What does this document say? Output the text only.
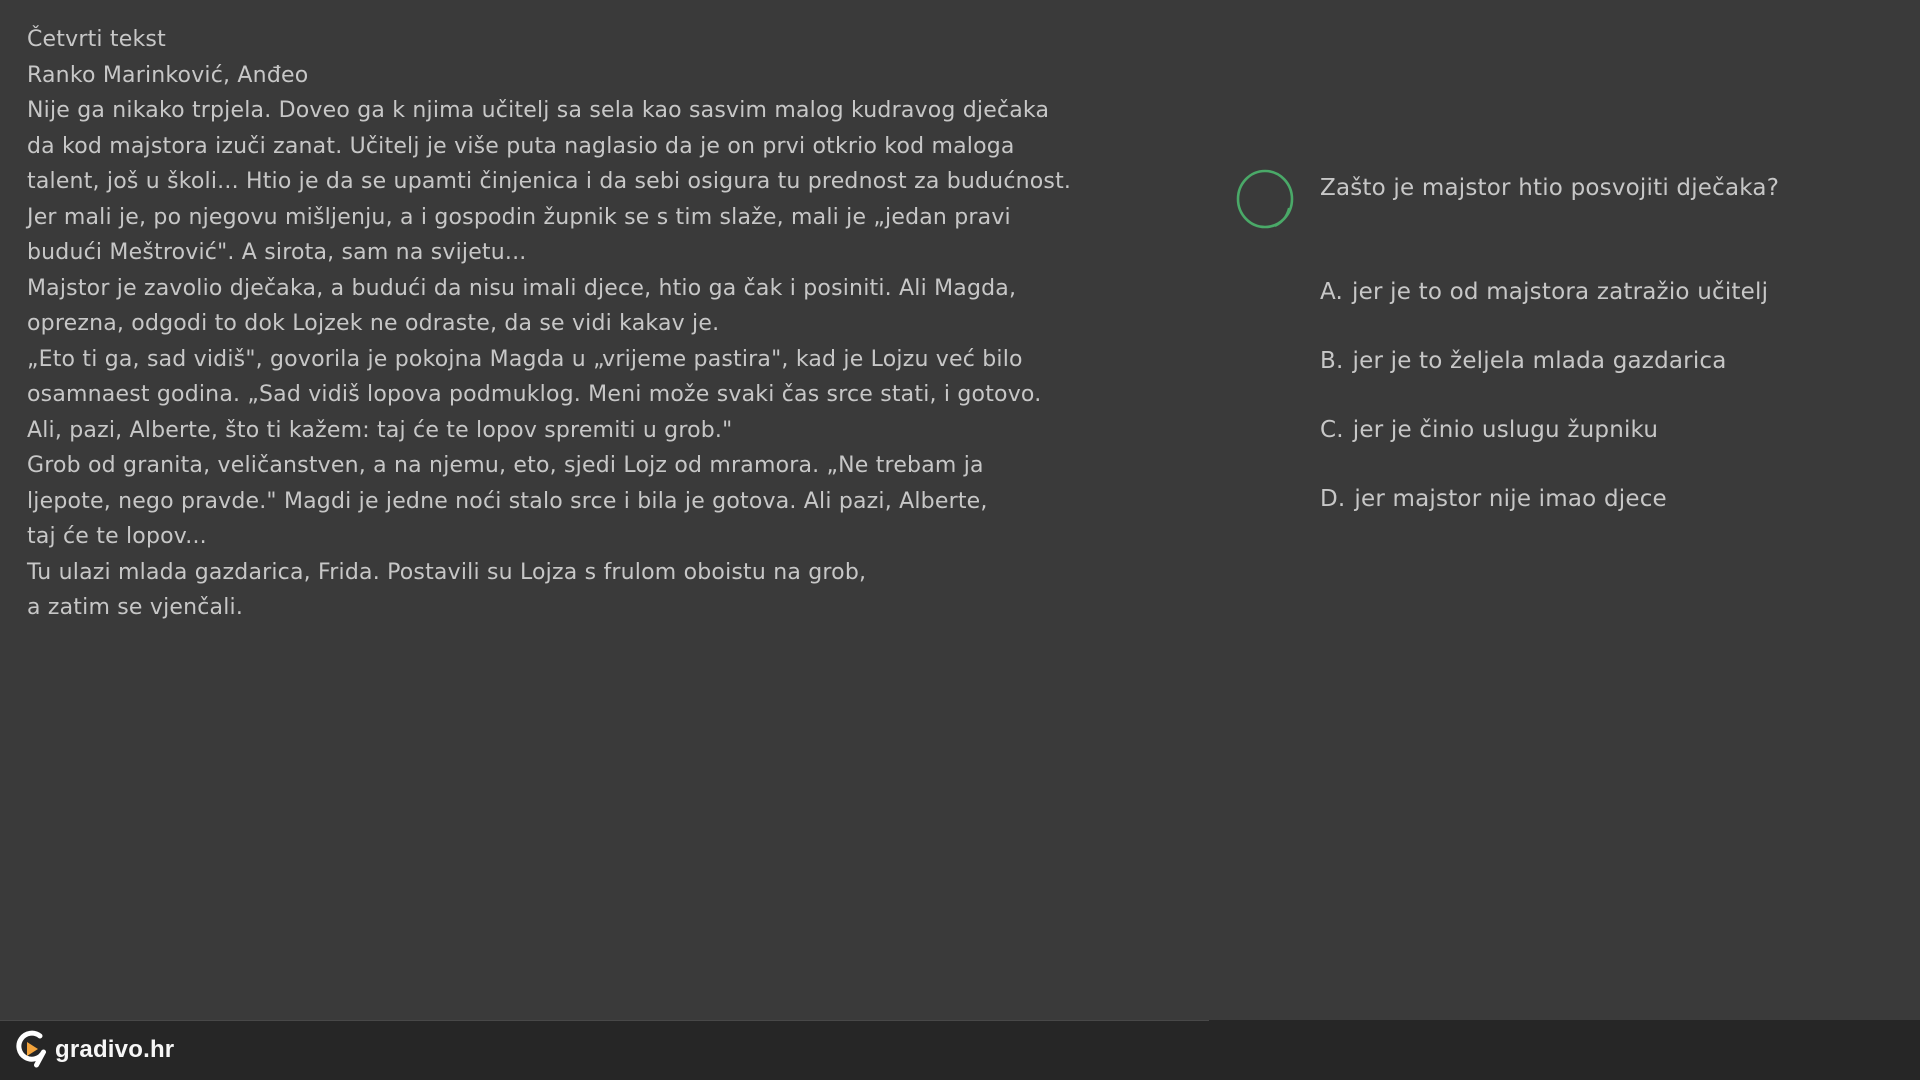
Četvrti tekst
Ranko Marinković, Anđeo
Nije ga nikako trpjela. Doveo ga k njima učitelj sa sela kao sasvim malog kudravog dječaka
da kod majstora izuči zanat. Učitelj je više puta naglasio da je on prvi otkrio kod maloga
talent, još u školi... Htio je da se upamti činjenica i da sebi osigura tu prednost za budućnost.
Jer mali je, po njegovu mišljenju, a i gospodin župnik se s tim slaže, mali je „jedan pravi
budući Meštrović". A sirota, sam na svijetu...
Majstor je zavolio dječaka, a budući da nisu imali djece, htio ga čak i posiniti. Ali Magda,
oprezna, odgodi to dok Lojzek ne odraste, da se vidi kakav je.
„Eto ti ga, sad vidiš", govorila je pokojna Magda u „vrijeme pastira", kad je Lojzu već bilo
osamnaest godina. „Sad vidiš lopova podmuklog. Meni može svaki čas srce stati, i gotovo.
Ali, pazi, Alberte, što ti kažem: taj će te lopov spremiti u grob."
Grob od granita, veličanstven, a na njemu, eto, sjedi Lojz od mramora. „Ne trebam ja
ljepote, nego pravde." Magdi je jedne noći stalo srce i bila je gotova. Ali pazi, Alberte,
taj će te lopov...
Tu ulazi mlada gazdarica, Frida. Postavili su Lojza s frulom oboistu na grob,
a zatim se vjenčali.
Zašto je majstor htio posvojiti dječaka?
A. jer je to od majstora zatražio učitelj
B. jer je to željela mlada gazdarica
C. jer je činio uslugu župniku
D. jer majstor nije imao djece
gradivo.hr
